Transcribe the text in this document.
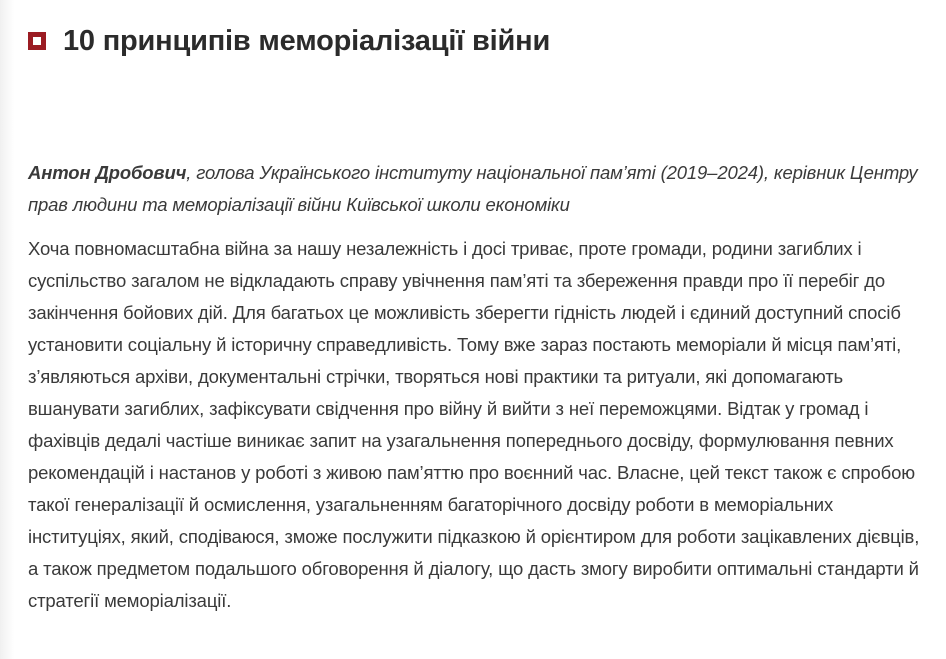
10 принципів меморіалізації війни

Антон Дробович, голова Українського інституту національної пам’яті (2019–2024), керівник Центру прав людини та меморіалізації війни Київської школи економіки

Хоча повномасштабна війна за нашу незалежність і досі триває, проте громади, родини загиблих і суспільство загалом не відкладають справу увічнення пам’яті та збереження правди про її перебіг до закінчення бойових дій. Для багатьох це можливість зберегти гідність людей і єдиний доступний спосіб установити соціальну й історичну справедливість. Тому вже зараз постають меморіали й місця пам’яті, з’являються архіви, документальні стрічки, творяться нові практики та ритуали, які допомагають вшанувати загиблих, зафіксувати свідчення про війну й вийти з неї переможцями. Відтак у громад і фахівців дедалі частіше виникає запит на узагальнення попереднього досвіду, формулювання певних рекомендацій і настанов у роботі з живою пам’яттю про воєнний час. Власне, цей текст також є спробою такої генералізації й осмислення, узагальненням багаторічного досвіду роботи в меморіальних інституціях, який, сподіваюся, зможе послужити підказкою й орієнтиром для роботи зацікавлених дієвців, а також предметом подальшого обговорення й діалогу, що дасть змогу виробити оптимальні стандарти й стратегії меморіалізації.
